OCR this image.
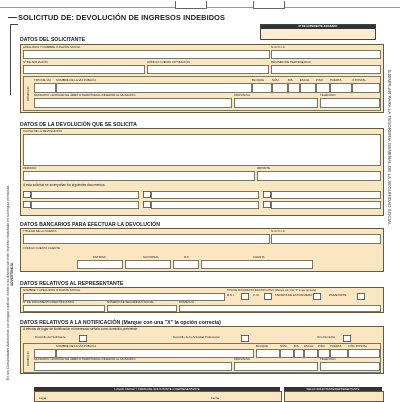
SOLICITUD DE: DEVOLUCIÓN DE INGRESOS INDEBIDOS
Nº DE EXPEDIENTE ASIGNADO
En las Comunidades Autónomas con lengua cooficial, existe a su disposición este impreso redactado en su lengua vernácula. ADVERTENCIA
EJEMPLAR PARA LA TESORERÍA GENERAL DE LA SEGURIDAD SOCIAL
DATOS DEL SOLICITANTE
APELLIDOS Y NOMBRE O RAZÓN SOCIAL	N.I.F./C.I.F.
Nº DE AFILIACIÓN	CÓDIGO CUENTA COTIZACIÓN	RÉGIMEN DE PERTENENCIA
DOMICILIO
TIPO DE VÍA NOMBRE DE LA VÍA PÚBLICA	BLOQUE	NÚM.	BIS	ESCAL PISO PUERTA	C.POSTAL
MUNICIPIO / ENTIDAD DE ÁMBITO TERRITORIAL INFERIOR AL MUNICIPIO	PROVINCIA	TELÉFONO
DATOS DE LA DEVOLUCIÓN QUE SE SOLICITA
CAUSA DE LA DEVOLUCIÓN
PERIODO	IMPORTE
A esta solicitud se acompañan los siguientes documentos:
DATOS BANCARIOS PARA EFECTUAR LA DEVOLUCIÓN
TITULAR DE LA CUENTA	N.I.F./C.I.F.
CÓDIGO CUENTA CLIENTE
ENTIDAD	SUCURSAL	D.C.	CUENTA
DATOS RELATIVOS AL REPRESENTANTE
NOMBRE Y APELLIDOS O RAZÓN SOCIAL	TIPO DE DOCUMENTO IDENTIFICATIVO (Marque con una "X" lo que proceda)
D.N.I.	C.I.F.	TARJETA DE EXTRANJERO	PASAPORTE
Nº DE DOCUMENTO IDENTIFICATIVO	NÚMERO DE SEGURIDAD SOCIAL	DOMICILIO
DATOS RELATIVOS A LA NOTIFICACIÓN (Marque con una "X" la opción correcta)
A efectos de lugar de Notificación el interesado señala como domicilio preferente:
Domicilio del Solicitante	Domicilio de la Actividad Profesional	Otro Domicilio
DOMICILIO
NOMBRE DE LA VÍA PÚBLICA	BLOQUE	NÚM. BIS ESCAL PISO PUERTA CÓD. POSTAL
MUNICIPIO / ENTIDAD DE ÁMBITO TERRITORIAL INFERIOR AL MUNICIPIO	PROVINCIA	TELÉFONO
LUGAR, FECHA Y FIRMA DEL SOLICITANTE O REPRESENTANTE	SELLO SOLICITANTE/REPRESENTANTE
Lugar	Fecha
